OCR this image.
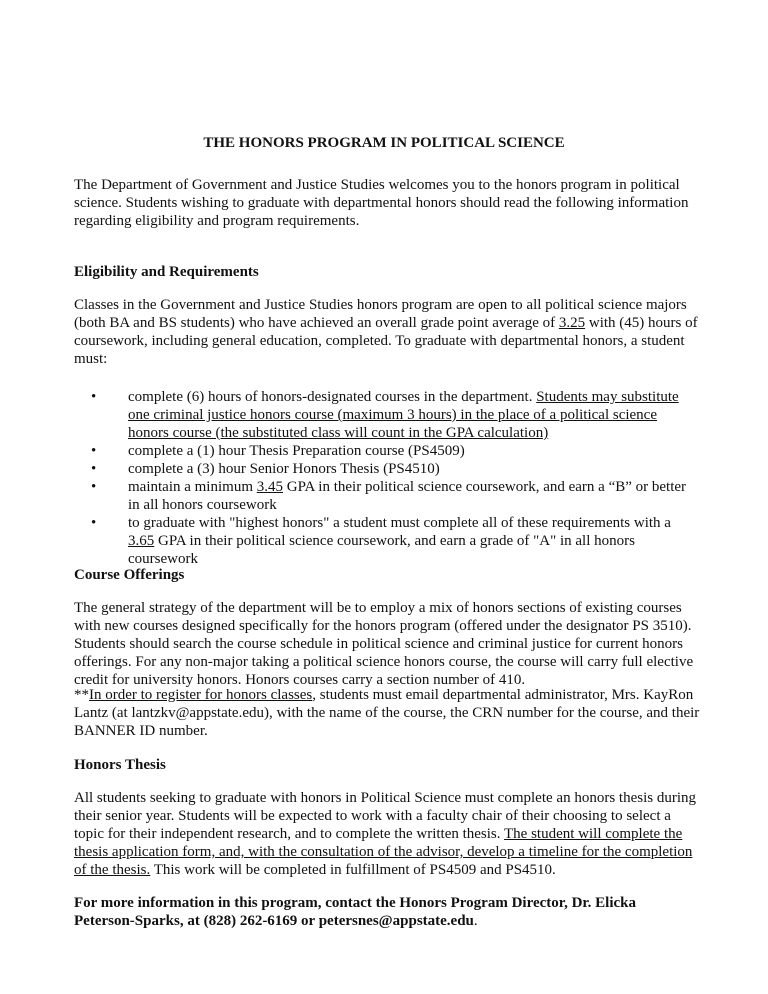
THE HONORS PROGRAM IN POLITICAL SCIENCE
The Department of Government and Justice Studies welcomes you to the honors program in political science. Students wishing to graduate with departmental honors should read the following information regarding eligibility and program requirements.
Eligibility and Requirements
Classes in the Government and Justice Studies honors program are open to all political science majors (both BA and BS students) who have achieved an overall grade point average of 3.25 with (45) hours of coursework, including general education, completed. To graduate with departmental honors, a student must:
• complete (6) hours of honors-designated courses in the department. Students may substitute one criminal justice honors course (maximum 3 hours) in the place of a political science honors course (the substituted class will count in the GPA calculation)
• complete a (1) hour Thesis Preparation course (PS4509)
• complete a (3) hour Senior Honors Thesis (PS4510)
• maintain a minimum 3.45 GPA in their political science coursework, and earn a “B” or better in all honors coursework
• to graduate with "highest honors" a student must complete all of these requirements with a 3.65 GPA in their political science coursework, and earn a grade of "A" in all honors coursework
Course Offerings
The general strategy of the department will be to employ a mix of honors sections of existing courses with new courses designed specifically for the honors program (offered under the designator PS 3510). Students should search the course schedule in political science and criminal justice for current honors offerings. For any non-major taking a political science honors course, the course will carry full elective credit for university honors. Honors courses carry a section number of 410.
**In order to register for honors classes, students must email departmental administrator, Mrs. KayRon Lantz (at lantzkv@appstate.edu), with the name of the course, the CRN number for the course, and their BANNER ID number.
Honors Thesis
All students seeking to graduate with honors in Political Science must complete an honors thesis during their senior year. Students will be expected to work with a faculty chair of their choosing to select a topic for their independent research, and to complete the written thesis. The student will complete the thesis application form, and, with the consultation of the advisor, develop a timeline for the completion of the thesis. This work will be completed in fulfillment of PS4509 and PS4510.
For more information in this program, contact the Honors Program Director, Dr. Elicka Peterson-Sparks, at (828) 262-6169 or petersnes@appstate.edu.
